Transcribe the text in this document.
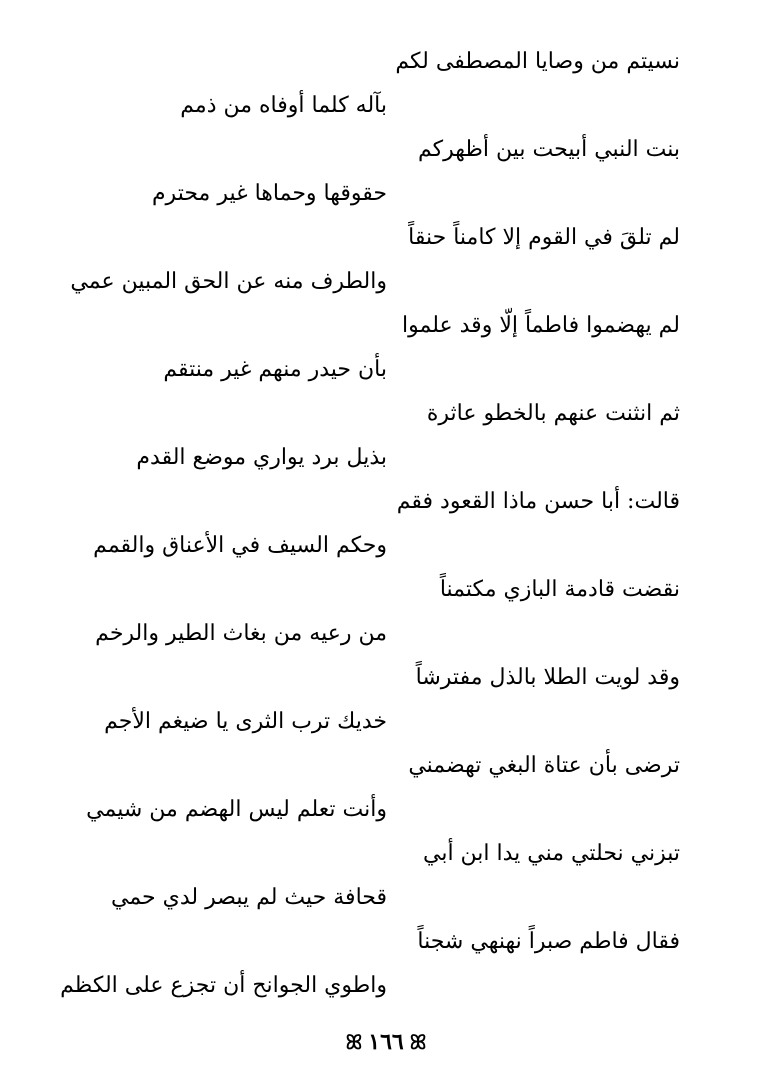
نسيتم من وصايا المصطفى لكم
بآله كلما أوفاه من ذمم
بنت النبي أبيحت بين أظهركم
حقوقها وحماها غير محترم
لم تلقَ في القوم إلا كامناً حنقاً
والطرف منه عن الحق المبين عمي
لم يهضموا فاطماً إلّا وقد علموا
بأن حيدر منهم غير منتقم
ثم انثنت عنهم بالخطو عاثرة
بذيل برد يواري موضع القدم
قالت: أبا حسن ماذا القعود فقم
وحكم السيف في الأعناق والقمم
نقضت قادمة البازي مكتمناً
من رعيه من بغاث الطير والرخم
وقد لويت الطلا بالذل مفترشاً
خديك ترب الثرى يا ضيغم الأجم
ترضى بأن عتاة البغي تهضمني
وأنت تعلم ليس الهضم من شيمي
تبزني نحلتي مني يدا ابن أبي
قحافة حيث لم يبصر لدي حمي
فقال فاطم صبراً نهنهي شجناً
واطوي الجوانح أن تجزع على الكظم
ꕤ١٦٦ꕤ
